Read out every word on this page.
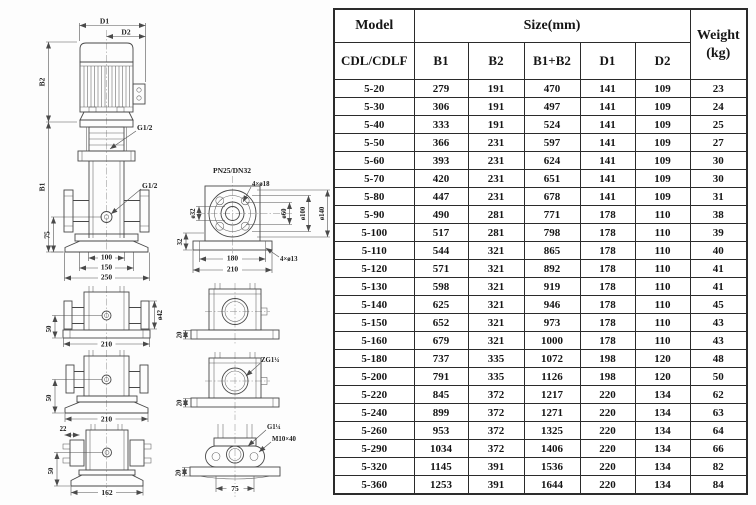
D1
D2
B2
B1
G1/2
G1/2
75
100
150
250
PN25/DN32
4×ø18
ø32	ø60 ø100 ø140
32
180
210
4×ø13
ø42
50
210
50
210
22
50
162
20
ZG1¼
20
G1¼
M10×40
20
75
Model	Size(mm)					Weight
(kg)
CDL/CDLF	B1	B2	B1+B2	D1	D2	
5-20	279	191	470	141	109	23
5-30	306	191	497	141	109	24
5-40	333	191	524	141	109	25
5-50	366	231	597	141	109	27
5-60	393	231	624	141	109	30
5-70	420	231	651	141	109	30
5-80	447	231	678	141	109	31
5-90	490	281	771	178	110	38
5-100	517	281	798	178	110	39
5-110	544	321	865	178	110	40
5-120	571	321	892	178	110	41
5-130	598	321	919	178	110	41
5-140	625	321	946	178	110	45
5-150	652	321	973	178	110	43
5-160	679	321	1000	178	110	43
5-180	737	335	1072	198	120	48
5-200	791	335	1126	198	120	50
5-220	845	372	1217	220	134	62
5-240	899	372	1271	220	134	63
5-260	953	372	1325	220	134	64
5-290	1034	372	1406	220	134	66
5-320	1145	391	1536	220	134	82
5-360	1253	391	1644	220	134	84
